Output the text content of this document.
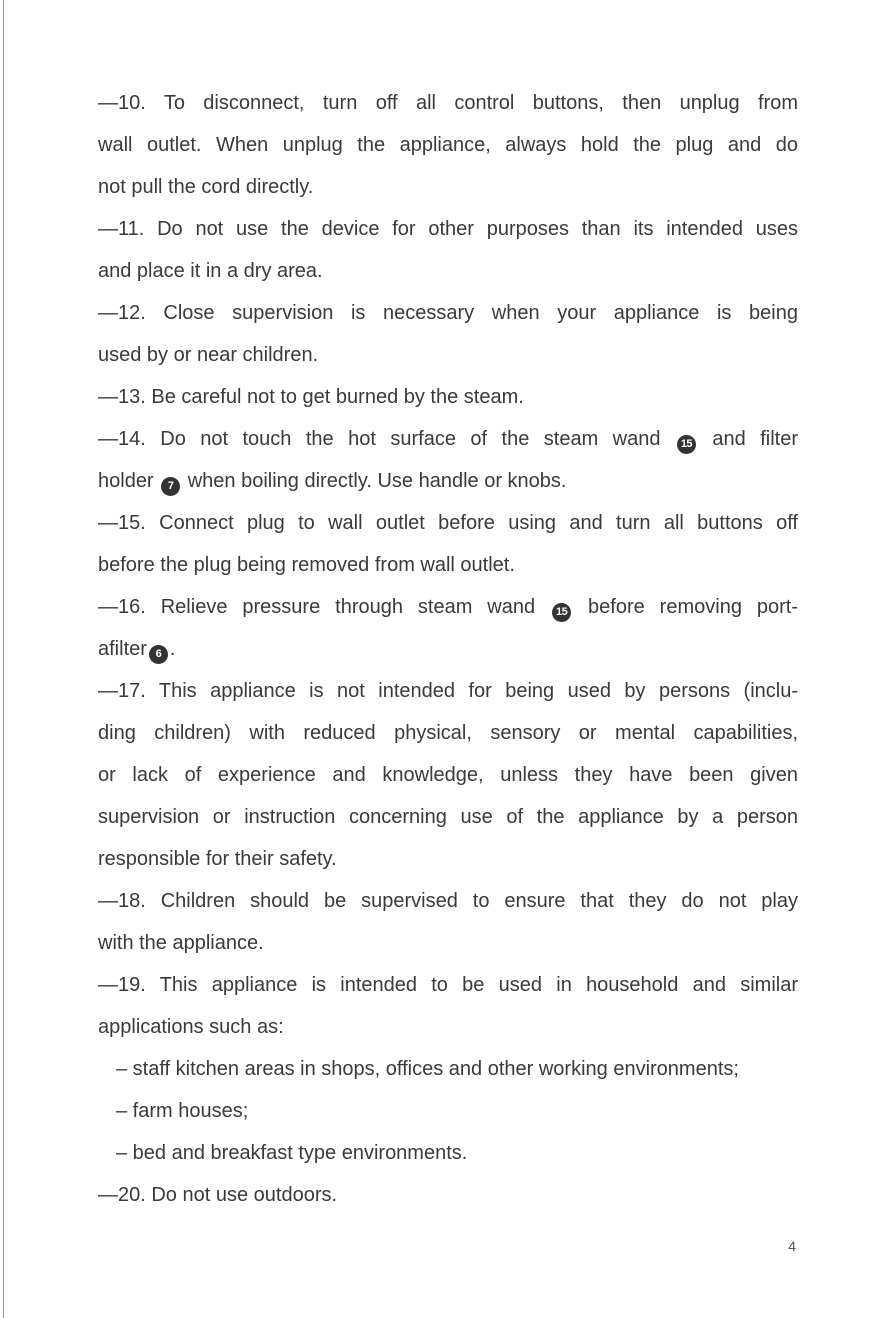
—10. To disconnect, turn off all control buttons, then unplug from
wall outlet. When unplug the appliance, always hold the plug and do
not pull the cord directly.
—11. Do not use the device for other purposes than its intended uses
and place it in a dry area.
—12. Close supervision is necessary when your appliance is being
used by or near children.
—13. Be careful not to get burned by the steam.
—14. Do not touch the hot surface of the steam wand 15 and filter
holder 7 when boiling directly. Use handle or knobs.
—15. Connect plug to wall outlet before using and turn all buttons off
before the plug being removed from wall outlet.
—16. Relieve pressure through steam wand 15 before removing port-
afilter 6 .
—17. This appliance is not intended for being used by persons (inclu-
ding children) with reduced physical, sensory or mental capabilities,
or lack of experience and knowledge, unless they have been given
supervision or instruction concerning use of the appliance by a person
responsible for their safety.
—18. Children should be supervised to ensure that they do not play
with the appliance.
—19. This appliance is intended to be used in household and similar
applications such as:
– staff kitchen areas in shops, offices and other working environments;
– farm houses;
– bed and breakfast type environments.
—20. Do not use outdoors.
4
